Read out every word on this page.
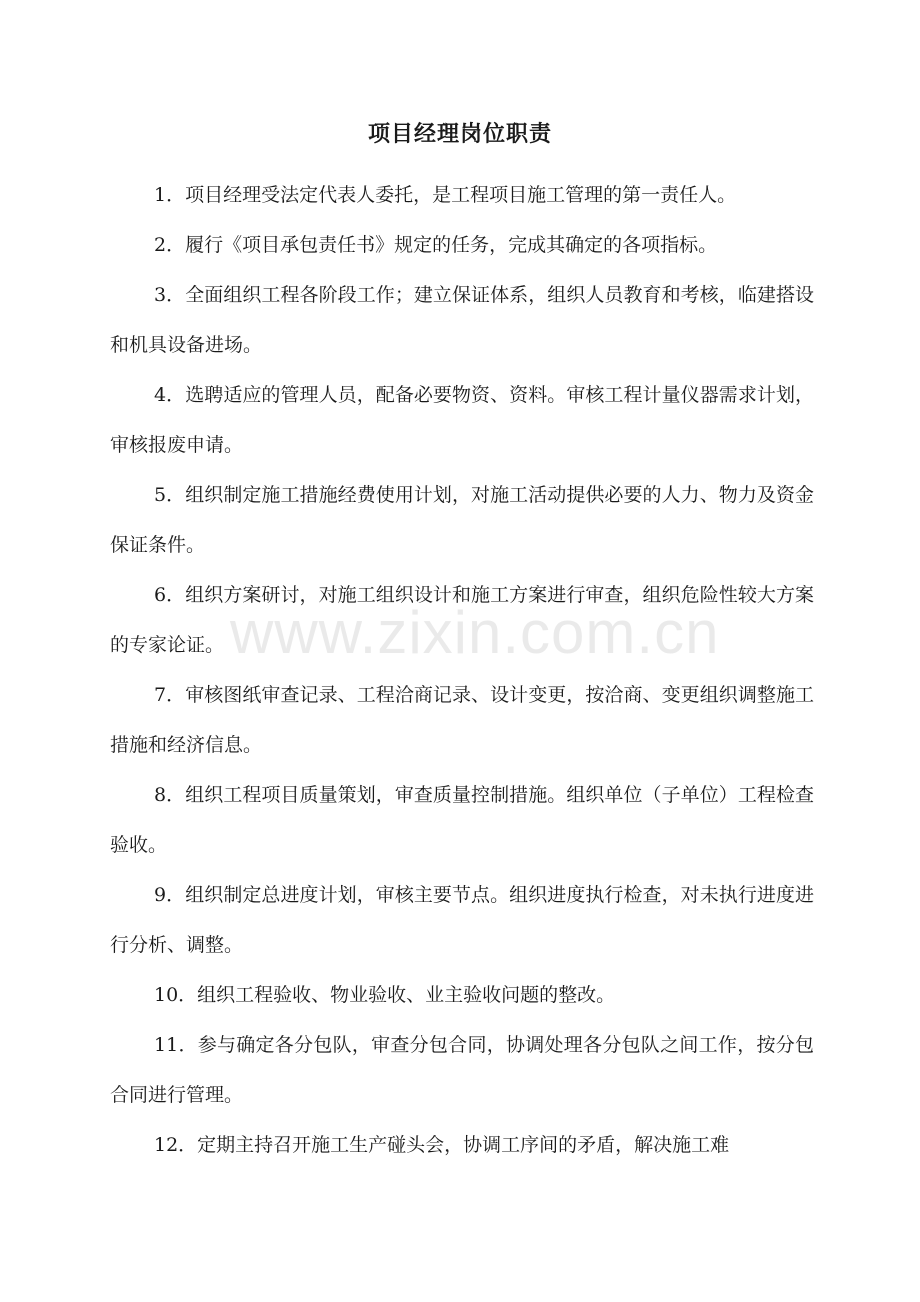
项目经理岗位职责

1．项目经理受法定代表人委托，是工程项目施工管理的第一责任人。

2．履行《项目承包责任书》规定的任务，完成其确定的各项指标。

3．全面组织工程各阶段工作；建立保证体系，组织人员教育和考核，临建搭设和机具设备进场。

4．选聘适应的管理人员，配备必要物资、资料。审核工程计量仪器需求计划，审核报废申请。

5．组织制定施工措施经费使用计划，对施工活动提供必要的人力、物力及资金保证条件。

6．组织方案研讨，对施工组织设计和施工方案进行审查，组织危险性较大方案的专家论证。

7．审核图纸审查记录、工程洽商记录、设计变更，按洽商、变更组织调整施工措施和经济信息。

8．组织工程项目质量策划，审查质量控制措施。组织单位（子单位）工程检查验收。

9．组织制定总进度计划，审核主要节点。组织进度执行检查，对未执行进度进行分析、调整。

10．组织工程验收、物业验收、业主验收问题的整改。

11．参与确定各分包队，审查分包合同，协调处理各分包队之间工作，按分包合同进行管理。

12．定期主持召开施工生产碰头会，协调工序间的矛盾，解决施工难

www.zixin.com.cn
